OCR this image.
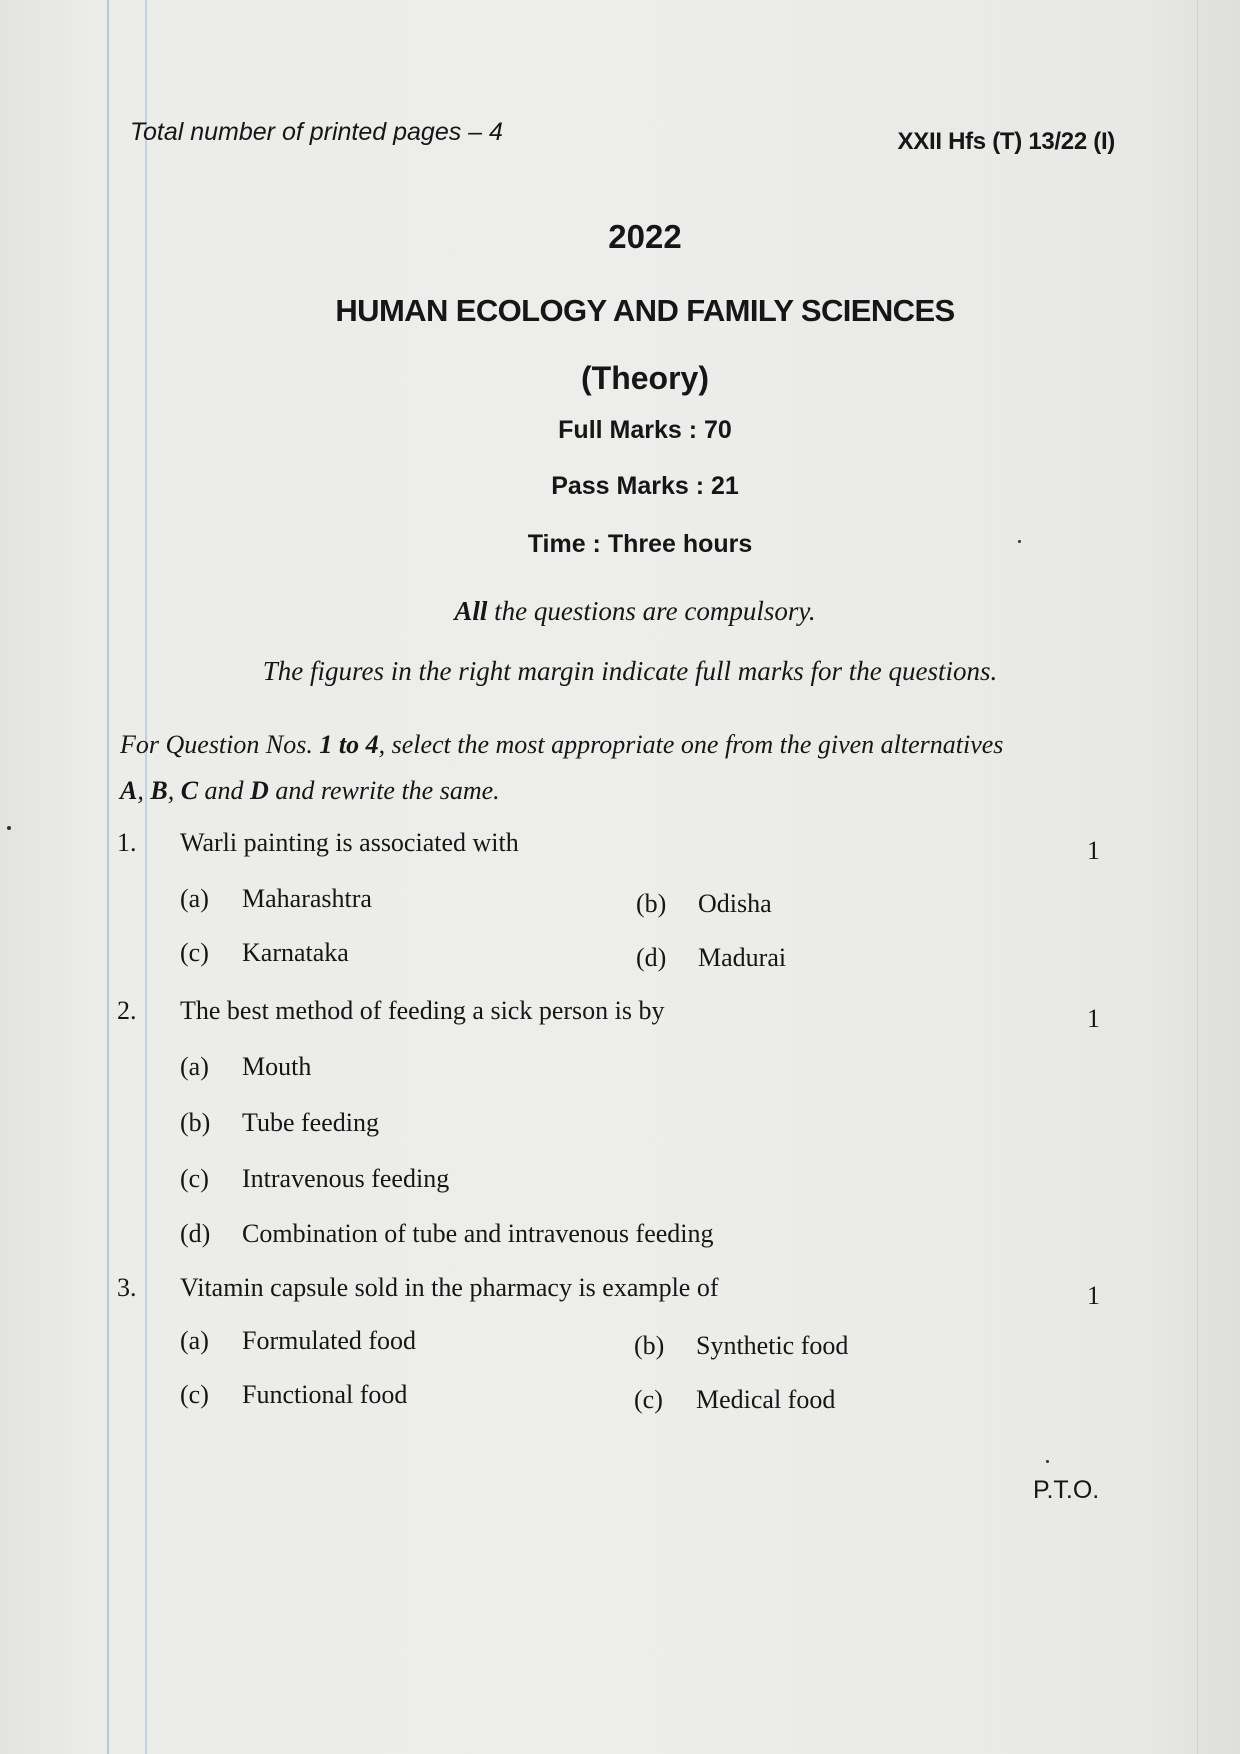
Total number of printed pages – 4	XXII Hfs (T) 13/22 (I)
2022
HUMAN ECOLOGY AND FAMILY SCIENCES
(Theory)
Full Marks : 70
Pass Marks : 21
Time : Three hours
All the questions are compulsory.
The figures in the right margin indicate full marks for the questions.
For Question Nos. 1 to 4, select the most appropriate one from the given alternatives
A, B, C and D and rewrite the same.
1. Warli painting is associated with	1
(a) Maharashtra	(b) Odisha
(c) Karnataka	(d) Madurai
2. The best method of feeding a sick person is by	1
(a) Mouth
(b) Tube feeding
(c) Intravenous feeding
(d) Combination of tube and intravenous feeding
3. Vitamin capsule sold in the pharmacy is example of	1
(a) Formulated food	(b) Synthetic food
(c) Functional food	(c) Medical food
P.T.O.
